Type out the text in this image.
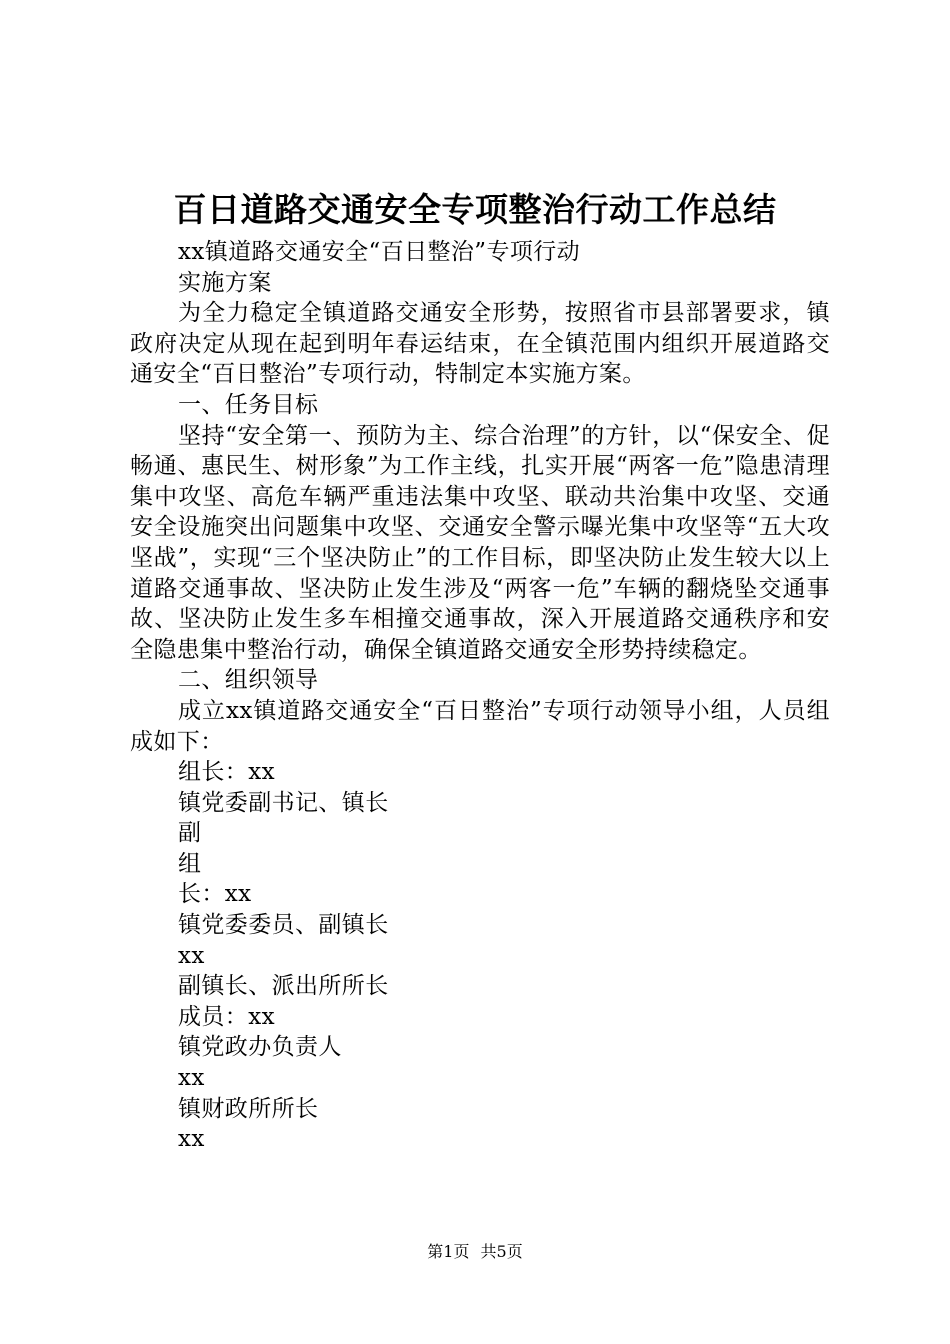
百日道路交通安全专项整治行动工作总结

xx镇道路交通安全“百日整治”专项行动

实施方案

为全力稳定全镇道路交通安全形势，按照省市县部署要求，镇政府决定从现在起到明年春运结束，在全镇范围内组织开展道路交通安全“百日整治”专项行动，特制定本实施方案。

一、任务目标

坚持“安全第一、预防为主、综合治理”的方针，以“保安全、促畅通、惠民生、树形象”为工作主线，扎实开展“两客一危”隐患清理集中攻坚、高危车辆严重违法集中攻坚、联动共治集中攻坚、交通安全设施突出问题集中攻坚、交通安全警示曝光集中攻坚等“五大攻坚战”，实现“三个坚决防止”的工作目标，即坚决防止发生较大以上道路交通事故、坚决防止发生涉及“两客一危”车辆的翻烧坠交通事故、坚决防止发生多车相撞交通事故，深入开展道路交通秩序和安全隐患集中整治行动，确保全镇道路交通安全形势持续稳定。

二、组织领导

成立xx镇道路交通安全“百日整治”专项行动领导小组，人员组成如下：

组长：xx

镇党委副书记、镇长

副

组

长：xx

镇党委委员、副镇长

xx

副镇长、派出所所长

成员：xx

镇党政办负责人

xx

镇财政所所长

xx

第1页 共5页
